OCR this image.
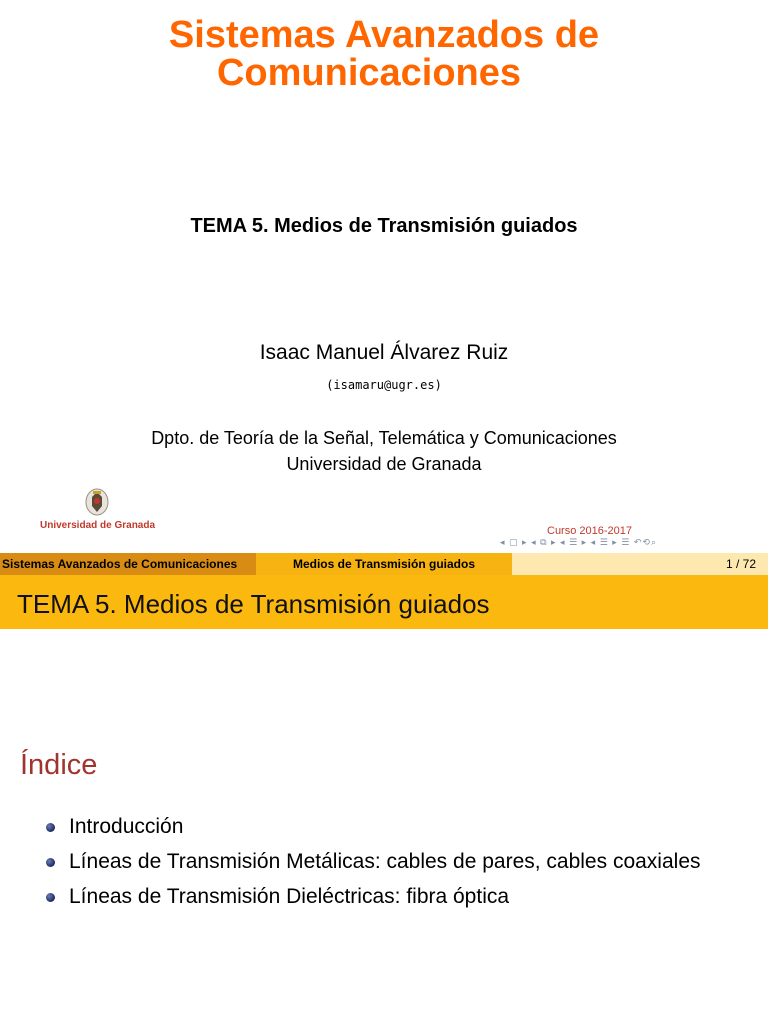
Sistemas Avanzados de
Comunicaciones
TEMA 5. Medios de Transmisión guiados
Isaac Manuel Álvarez Ruiz
(isamaru@ugr.es)
Dpto. de Teoría de la Señal, Telemática y Comunicaciones
Universidad de Granada
Universidad de Granada	Curso 2016-2017
◂ ▢ ▸ ◂ ⧉ ▸ ◂ ☰ ▸ ◂ ☰ ▸ ☰ ↶⟲⌕
Sistemas Avanzados de Comunicaciones	Medios de Transmisión guiados	1 / 72
TEMA 5. Medios de Transmisión guiados
Índice
Introducción
Líneas de Transmisión Metálicas: cables de pares, cables coaxiales
Líneas de Transmisión Dieléctricas: fibra óptica
